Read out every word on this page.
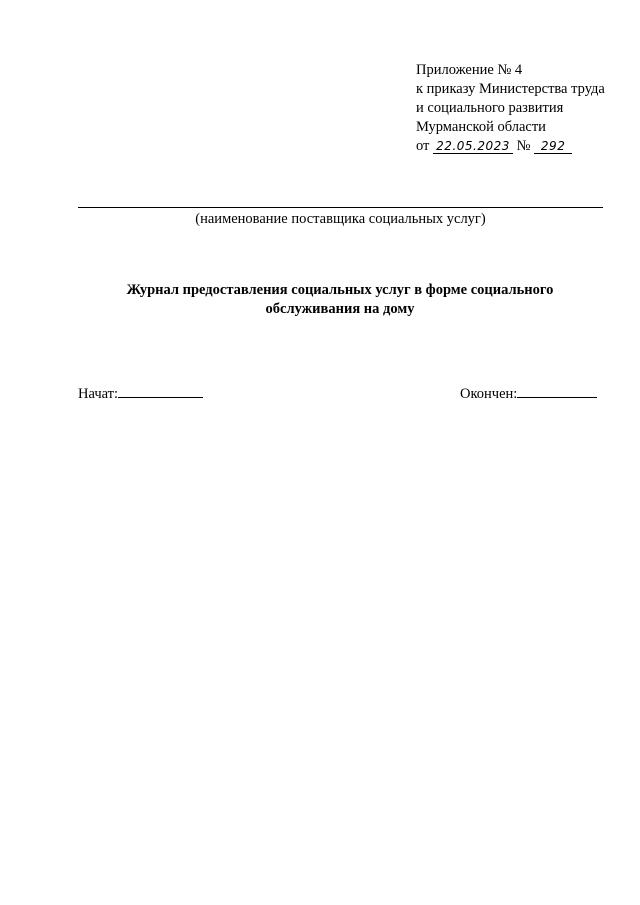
Приложение № 4
к приказу Министерства труда
и социального развития
Мурманской области
от 22.05.2023 № 292
(наименование поставщика социальных услуг)
Журнал предоставления социальных услуг в форме социального обслуживания на дому
Начат:	Окончен:
